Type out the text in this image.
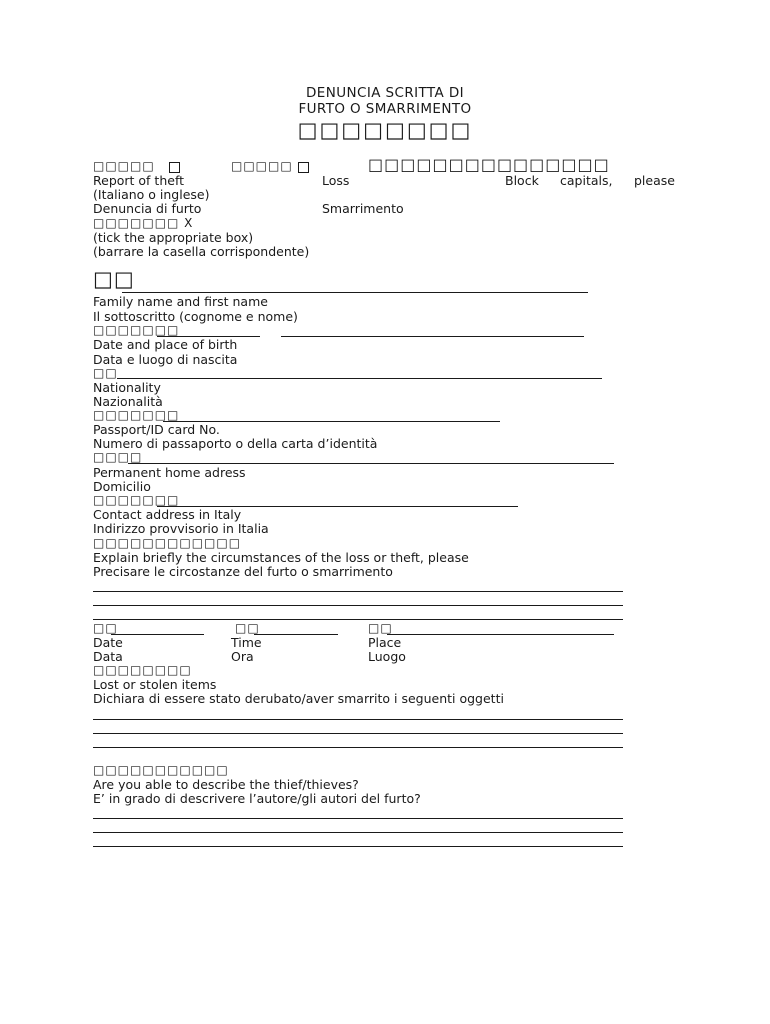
DENUNCIA SCRITTA DI
FURTO O SMARRIMENTO
□□□□□□□□
□□□□□	□□□□□	□□□□□□□□□□□□□□□
Report of theft	Loss	Block capitals, please
(Italiano o inglese)
Denuncia di furto	Smarrimento
□□□□□□□ X
(tick the appropriate box)
(barrare la casella corrispondente)
□□
Family name and first name
Il sottoscritto (cognome e nome)
□□□□□□□
Date and place of birth
Data e luogo di nascita
□□
Nationality
Nazionalità
□□□□□□□
Passport/ID card No.
Numero di passaporto o della carta d’identità
□□□□
Permanent home adress
Domicilio
□□□□□□□
Contact address in Italy
Indirizzo provvisorio in Italia
□□□□□□□□□□□□
Explain briefly the circumstances of the loss or theft, please
Precisare le circostanze del furto o smarrimento
□□	□□	□□
Date	Time	Place
Data	Ora	Luogo
□□□□□□□□
Lost or stolen items
Dichiara di essere stato derubato/aver smarrito i seguenti oggetti
□□□□□□□□□□□
Are you able to describe the thief/thieves?
E’ in grado di descrivere l’autore/gli autori del furto?
